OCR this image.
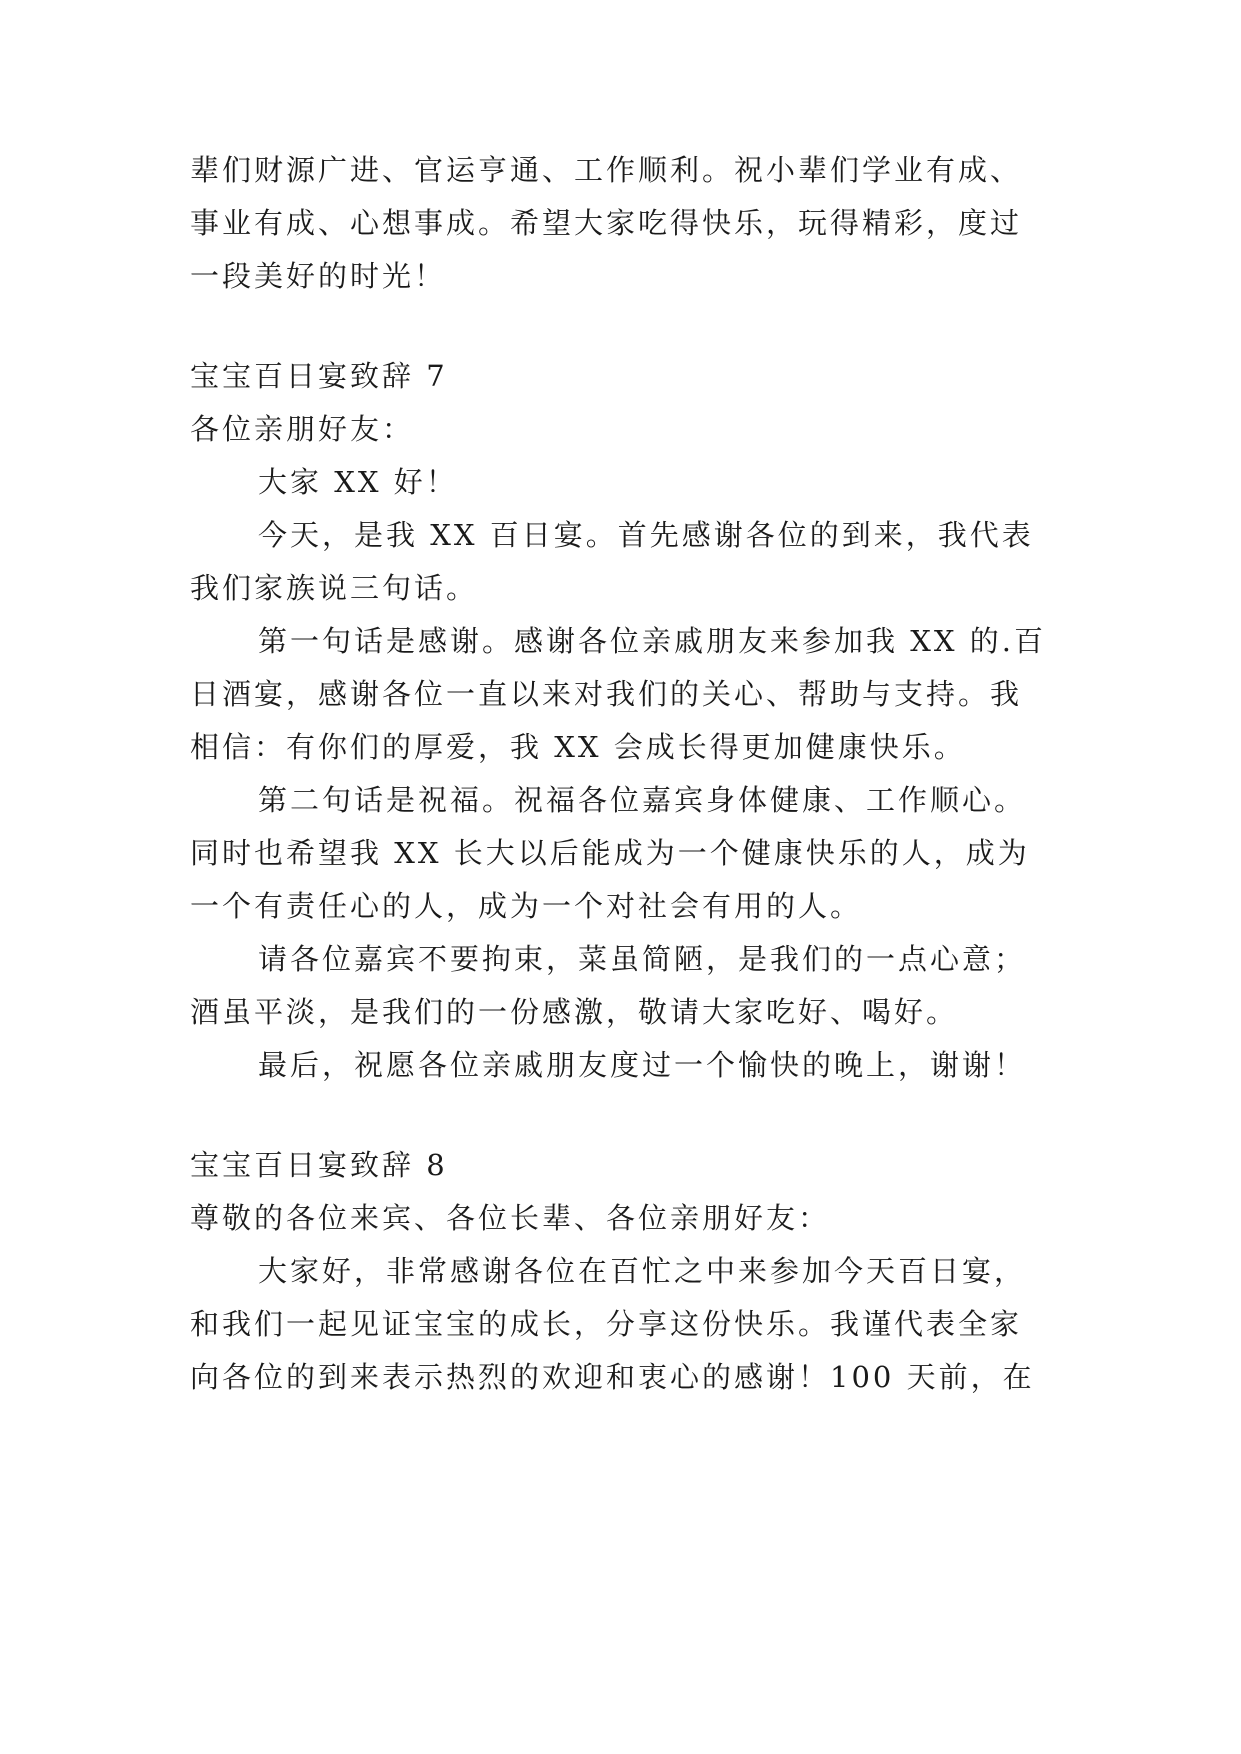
辈们财源广进、官运亨通、工作顺利。祝小辈们学业有成、

事业有成、心想事成。希望大家吃得快乐，玩得精彩，度过

一段美好的时光！

宝宝百日宴致辞 7

各位亲朋好友：

大家 XX 好！

今天，是我 XX 百日宴。首先感谢各位的到来，我代表

我们家族说三句话。

第一句话是感谢。感谢各位亲戚朋友来参加我 XX 的.百

日酒宴，感谢各位一直以来对我们的关心、帮助与支持。我

相信：有你们的厚爱，我 XX 会成长得更加健康快乐。

第二句话是祝福。祝福各位嘉宾身体健康、工作顺心。

同时也希望我 XX 长大以后能成为一个健康快乐的人，成为

一个有责任心的人，成为一个对社会有用的人。

请各位嘉宾不要拘束，菜虽简陋，是我们的一点心意；

酒虽平淡，是我们的一份感激，敬请大家吃好、喝好。

最后，祝愿各位亲戚朋友度过一个愉快的晚上，谢谢！

宝宝百日宴致辞 8

尊敬的各位来宾、各位长辈、各位亲朋好友：

大家好，非常感谢各位在百忙之中来参加今天百日宴，

和我们一起见证宝宝的成长，分享这份快乐。我谨代表全家

向各位的到来表示热烈的欢迎和衷心的感谢！100 天前，在
